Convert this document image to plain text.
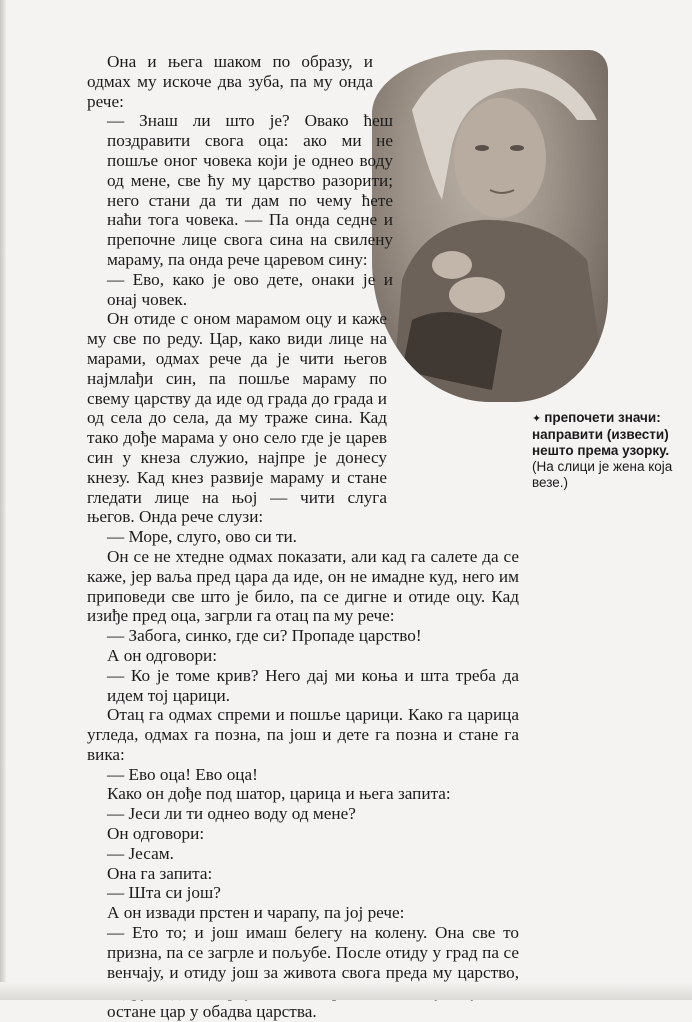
Она и њега шаком по образу, и одмах му искоче два зуба, па му онда рече:

— Знаш ли што је? Овако ћеш поздравити свога оца: ако ми не пошље оног човека који је однео воду од мене, све ћу му царство разорити; него стани да ти дам по чему ћете наћи тога човека. — Па онда седне и препочне лице свога сина на свилену мараму, па онда рече царевом сину:

— Ево, како је ово дете, онаки је и онај човек.

Он отиде с оном марамом оцу и каже му све по реду. Цар, како види лице на марами, одмах рече да је чити његов најмлађи син, па пошље мараму по свему царству да иде од града до града и од села до села, да му траже сина. Кад тако дође марама у оно село где је царев син у кнеза служио, најпре је донесу кнезу. Кад кнез развије мараму и стане гледати лице на њој — чити слуга његов. Онда рече слузи:

— Море, слуго, ово си ти.

Он се не хтедне одмах показати, али кад га салете да се каже, јер ваља пред цара да иде, он не имадне куд, него им приповеди све што је било, па се дигне и отиде оцу. Кад изиђе пред оца, загрли га отац па му рече:

— Забога, синко, где си? Пропаде царство!

А он одговори:

— Ко је томе крив? Него дај ми коња и шта треба да идем тој царици.

Отац га одмах спреми и пошље царици. Како га царица угледа, одмах га позна, па још и дете га позна и стане га вика:

— Ево оца! Ево оца!

Како он дође под шатор, царица и њега запита:

— Јеси ли ти однео воду од мене?

Он одговори:

— Јесам.

Она га запита:

— Шта си још?

А он извади прстен и чарапу, па јој рече:

— Ето то; и још имаш белегу на колену. Она све то призна, па се загрле и пољубе. После отиду у град па се венчају, и отиду још за живота свога преда му царство, остане цар у обадва царства.

✦ препочети значи: направити (извести) нешто према узорку. (На слици је жена која везе.)
